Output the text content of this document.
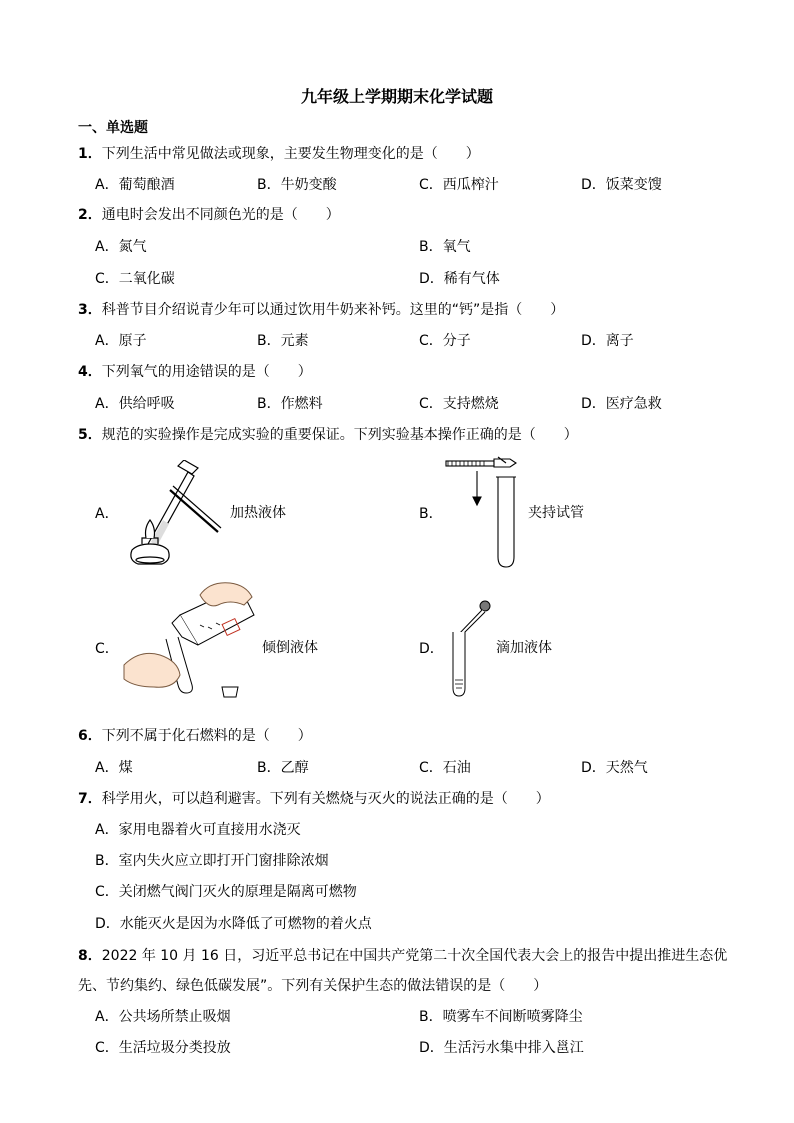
九年级上学期期末化学试题
一、单选题
1．下列生活中常见做法或现象，主要发生物理变化的是（　　）
A．葡萄酿酒	B．牛奶变酸	C．西瓜榨汁	D．饭菜变馊
2．通电时会发出不同颜色光的是（　　）
A．氮气	B．氧气
C．二氧化碳	D．稀有气体
3．科普节目介绍说青少年可以通过饮用牛奶来补钙。这里的“钙”是指（　　）
A．原子	B．元素	C．分子	D．离子
4．下列氧气的用途错误的是（　　）
A．供给呼吸	B．作燃料	C．支持燃烧	D．医疗急救
5．规范的实验操作是完成实验的重要保证。下列实验基本操作正确的是（　　）
A．	加热液体	B．	夹持试管
C．	倾倒液体	D．	滴加液体
6．下列不属于化石燃料的是（　　）
A．煤	B．乙醇	C．石油	D．天然气
7．科学用火，可以趋利避害。下列有关燃烧与灭火的说法正确的是（　　）
A．家用电器着火可直接用水浇灭
B．室内失火应立即打开门窗排除浓烟
C．关闭燃气阀门灭火的原理是隔离可燃物
D．水能灭火是因为水降低了可燃物的着火点
8．2022 年 10 月 16 日，习近平总书记在中国共产党第二十次全国代表大会上的报告中提出推进生态优
先、节约集约、绿色低碳发展”。下列有关保护生态的做法错误的是（　　）
A．公共场所禁止吸烟	B．喷雾车不间断喷雾降尘
C．生活垃圾分类投放	D．生活污水集中排入邕江
